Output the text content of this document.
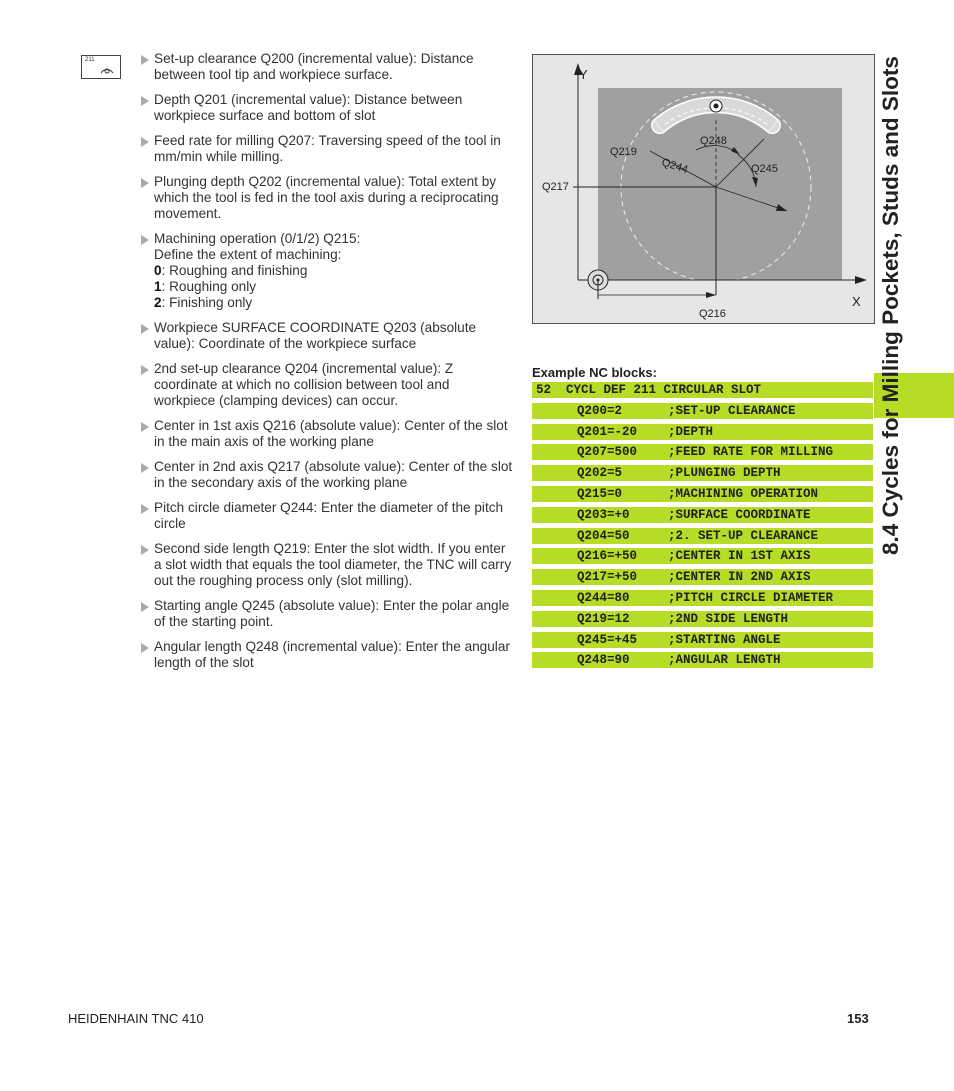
211	Set-up clearance Q200 (incremental value): Distance between tool tip and workpiece surface.
Depth Q201 (incremental value): Distance between workpiece surface and bottom of slot
Feed rate for milling Q207: Traversing speed of the tool in mm/min while milling.
Plunging depth Q202 (incremental value): Total extent by which the tool is fed in the tool axis during a reciprocating movement.
Machining operation (0/1/2) Q215:
Define the extent of machining:
0: Roughing and finishing
1: Roughing only
2: Finishing only
Workpiece SURFACE COORDINATE Q203 (absolute value): Coordinate of the workpiece surface
2nd set-up clearance Q204 (incremental value): Z coordinate at which no collision between tool and workpiece (clamping devices) can occur.
Center in 1st axis Q216 (absolute value): Center of the slot in the main axis of the working plane
Center in 2nd axis Q217 (absolute value): Center of the slot in the secondary axis of the working plane
Pitch circle diameter Q244: Enter the diameter of the pitch circle
Second side length Q219: Enter the slot width. If you enter a slot width that equals the tool diameter, the TNC will carry out the roughing process only (slot milling).
Starting angle Q245 (absolute value): Enter the polar angle of the starting point.
Angular length Q248 (incremental value): Enter the angular length of the slot
Y
X
Q217
Q216
Q219
Q244
Q248
Q245
Example NC blocks:
52  CYCL DEF 211 CIRCULAR SLOT
Q200=2	;SET-UP CLEARANCE
Q201=-20 ;DEPTH
Q207=500 ;FEED RATE FOR MILLING
Q202=5	;PLUNGING DEPTH
Q215=0	;MACHINING OPERATION
Q203=+0	;SURFACE COORDINATE
Q204=50	;2. SET-UP CLEARANCE
Q216=+50 ;CENTER IN 1ST AXIS
Q217=+50 ;CENTER IN 2ND AXIS
Q244=80	;PITCH CIRCLE DIAMETER
Q219=12	;2ND SIDE LENGTH
Q245=+45 ;STARTING ANGLE
Q248=90	;ANGULAR LENGTH
8.4 Cycles for Milling Pockets, Studs and Slots
HEIDENHAIN TNC 410	153
